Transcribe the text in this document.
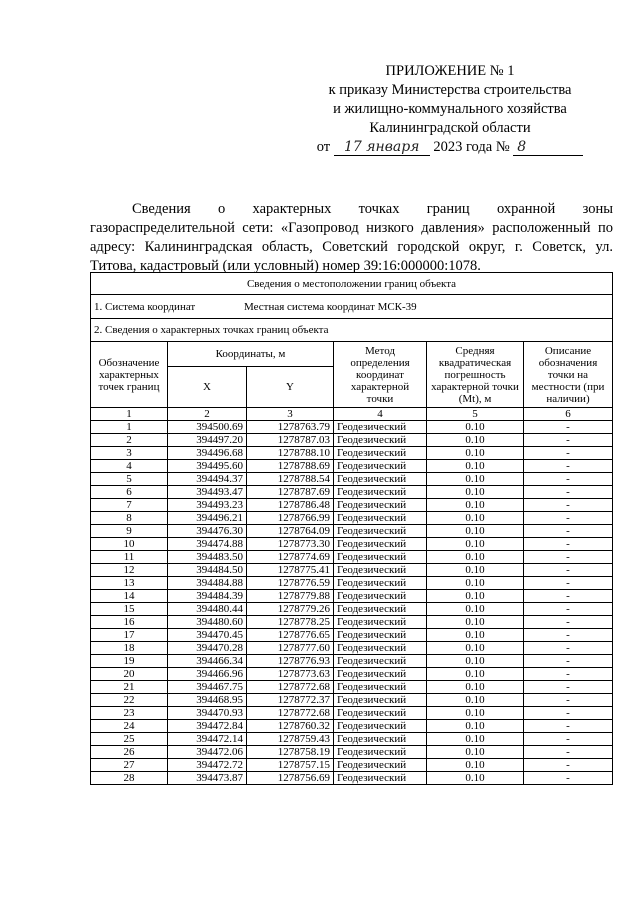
ПРИЛОЖЕНИЕ № 1
к приказу Министерства строительства
и жилищно-коммунального хозяйства
Калининградской области
от 17 января 2023 года № 8

Сведения о характерных точках границ охранной зоны газораспределительной сети: «Газопровод низкого давления» расположенный по адресу: Калининградская область, Советский городской округ, г. Советск, ул. Титова, кадастровый (или условный) номер 39:16:000000:1078.

Сведения о местоположении границ объекта					
1. Система координат Местная система координат МСК-39					
2. Сведения о характерных точках границ объекта					
Обозначение характерных точек границ	Координаты, м		Метод определения координат характерной точки	Средняя квадратическая погрешность характерной точки (Mt), м	Описание обозначения точки на местности (при наличии)
	X	Y			
1	2	3	4	5	6
1	394500.69	1278763.79	Геодезический	0.10	-
2	394497.20	1278787.03	Геодезический	0.10	-
3	394496.68	1278788.10	Геодезический	0.10	-
4	394495.60	1278788.69	Геодезический	0.10	-
5	394494.37	1278788.54	Геодезический	0.10	-
6	394493.47	1278787.69	Геодезический	0.10	-
7	394493.23	1278786.48	Геодезический	0.10	-
8	394496.21	1278766.99	Геодезический	0.10	-
9	394476.30	1278764.09	Геодезический	0.10	-
10	394474.88	1278773.30	Геодезический	0.10	-
11	394483.50	1278774.69	Геодезический	0.10	-
12	394484.50	1278775.41	Геодезический	0.10	-
13	394484.88	1278776.59	Геодезический	0.10	-
14	394484.39	1278779.88	Геодезический	0.10	-
15	394480.44	1278779.26	Геодезический	0.10	-
16	394480.60	1278778.25	Геодезический	0.10	-
17	394470.45	1278776.65	Геодезический	0.10	-
18	394470.28	1278777.60	Геодезический	0.10	-
19	394466.34	1278776.93	Геодезический	0.10	-
20	394466.96	1278773.63	Геодезический	0.10	-
21	394467.75	1278772.68	Геодезический	0.10	-
22	394468.95	1278772.37	Геодезический	0.10	-
23	394470.93	1278772.68	Геодезический	0.10	-
24	394472.84	1278760.32	Геодезический	0.10	-
25	394472.14	1278759.43	Геодезический	0.10	-
26	394472.06	1278758.19	Геодезический	0.10	-
27	394472.72	1278757.15	Геодезический	0.10	-
28	394473.87	1278756.69	Геодезический	0.10	-
